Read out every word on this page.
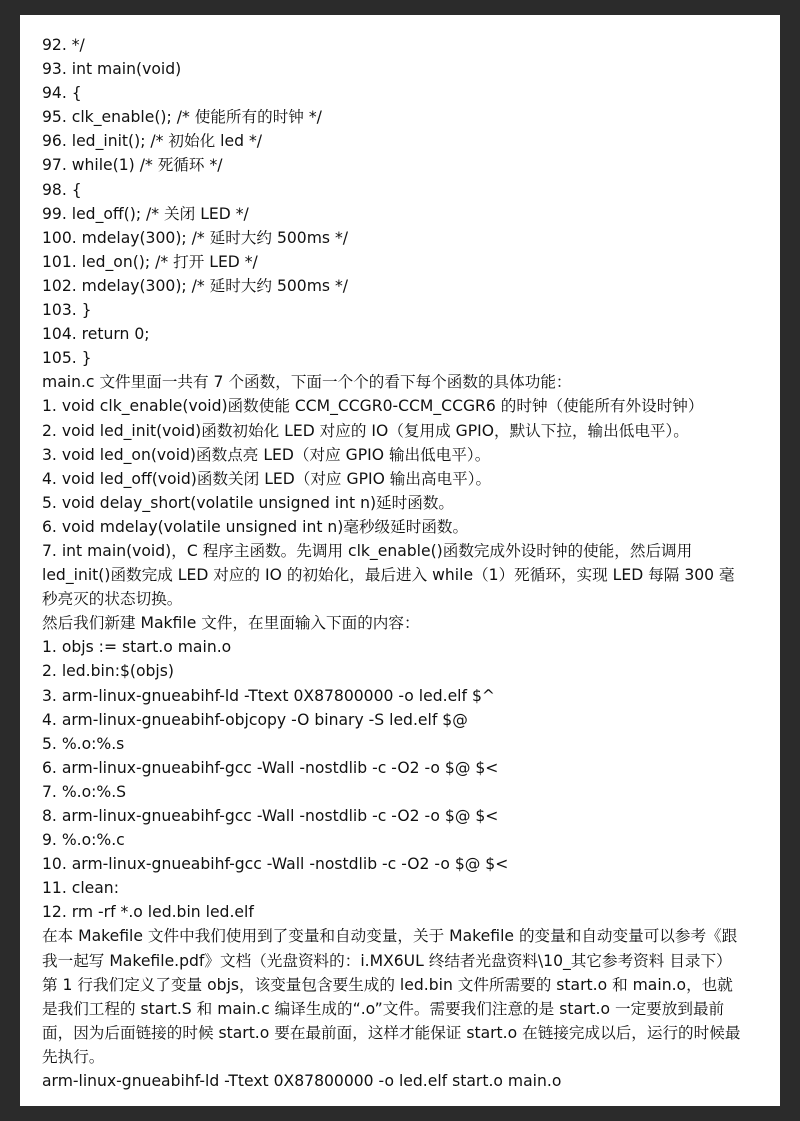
92. */
93. int main(void)
94. {
95. clk_enable(); /* 使能所有的时钟 */
96. led_init(); /* 初始化 led */
97. while(1) /* 死循环 */
98. {
99. led_off(); /* 关闭 LED */
100. mdelay(300); /* 延时大约 500ms */
101. led_on(); /* 打开 LED */
102. mdelay(300); /* 延时大约 500ms */
103. }
104. return 0;
105. }
main.c 文件里面一共有 7 个函数，下面一个个的看下每个函数的具体功能：
1. void clk_enable(void)函数使能 CCM_CCGR0-CCM_CCGR6 的时钟（使能所有外设时钟）
2. void led_init(void)函数初始化 LED 对应的 IO（复用成 GPIO，默认下拉，输出低电平）。
3. void led_on(void)函数点亮 LED（对应 GPIO 输出低电平）。
4. void led_off(void)函数关闭 LED（对应 GPIO 输出高电平）。
5. void delay_short(volatile unsigned int n)延时函数。
6. void mdelay(volatile unsigned int n)毫秒级延时函数。
7. int main(void)，C 程序主函数。先调用 clk_enable()函数完成外设时钟的使能，然后调用
led_init()函数完成 LED 对应的 IO 的初始化，最后进入 while（1）死循环，实现 LED 每隔 300 毫
秒亮灭的状态切换。
然后我们新建 Makfile 文件，在里面输入下面的内容：
1. objs := start.o main.o
2. led.bin:$(objs)
3. arm-linux-gnueabihf-ld -Ttext 0X87800000 -o led.elf $^
4. arm-linux-gnueabihf-objcopy -O binary -S led.elf $@
5. %.o:%.s
6. arm-linux-gnueabihf-gcc -Wall -nostdlib -c -O2 -o $@ $<
7. %.o:%.S
8. arm-linux-gnueabihf-gcc -Wall -nostdlib -c -O2 -o $@ $<
9. %.o:%.c
10. arm-linux-gnueabihf-gcc -Wall -nostdlib -c -O2 -o $@ $<
11. clean:
12. rm -rf *.o led.bin led.elf
在本 Makefile 文件中我们使用到了变量和自动变量，关于 Makefile 的变量和自动变量可以参考《跟
我一起写 Makefile.pdf》文档（光盘资料的：i.MX6UL 终结者光盘资料\10_其它参考资料 目录下）
第 1 行我们定义了变量 objs，该变量包含要生成的 led.bin 文件所需要的 start.o 和 main.o，也就
是我们工程的 start.S 和 main.c 编译生成的“.o”文件。需要我们注意的是 start.o 一定要放到最前
面，因为后面链接的时候 start.o 要在最前面，这样才能保证 start.o 在链接完成以后，运行的时候最
先执行。
arm-linux-gnueabihf-ld -Ttext 0X87800000 -o led.elf start.o main.o
